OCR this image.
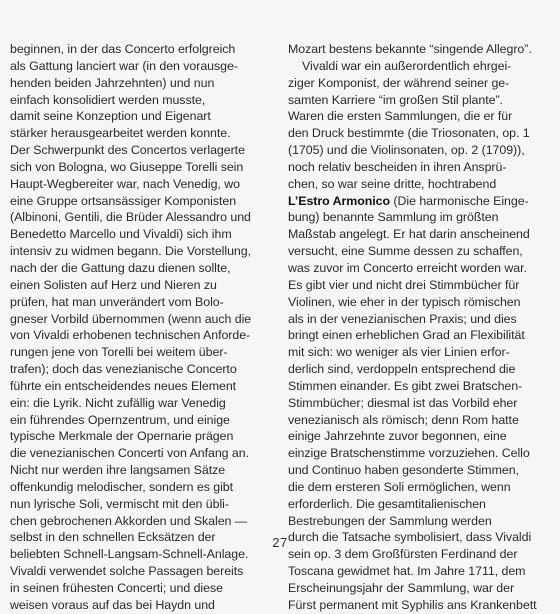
beginnen, in der das Concerto erfolgreich
als Gattung lanciert war (in den vorausge-
henden beiden Jahrzehnten) und nun
einfach konsolidiert werden musste,
damit seine Konzeption und Eigenart
stärker herausgearbeitet werden konnte.
Der Schwerpunkt des Concertos verlagerte
sich von Bologna, wo Giuseppe Torelli sein
Haupt-Wegbereiter war, nach Venedig, wo
eine Gruppe ortsansässiger Komponisten
(Albinoni, Gentili, die Brüder Alessandro und
Benedetto Marcello und Vivaldi) sich ihm
intensiv zu widmen begann. Die Vorstellung,
nach der die Gattung dazu dienen sollte,
einen Solisten auf Herz und Nieren zu
prüfen, hat man unverändert vom Bolo-
gneser Vorbild übernommen (wenn auch die
von Vivaldi erhobenen technischen Anforde-
rungen jene von Torelli bei weitem über-
trafen); doch das venezianische Concerto
führte ein entscheidendes neues Element
ein: die Lyrik. Nicht zufällig war Venedig
ein führendes Opernzentrum, und einige
typische Merkmale der Opernarie prägen
die venezianischen Concerti von Anfang an.
Nicht nur werden ihre langsamen Sätze
offenkundig melodischer, sondern es gibt
nun lyrische Soli, vermischt mit den übli-
chen gebrochenen Akkorden und Skalen —
selbst in den schnellen Ecksätzen der
beliebten Schnell-Langsam-Schnell-Anlage.
Vivaldi verwendet solche Passagen bereits
in seinen frühesten Concerti; und diese
weisen voraus auf das bei Haydn und
Mozart bestens bekannte “singende Allegro”.
Vivaldi war ein außerordentlich ehrgei-
ziger Komponist, der während seiner ge-
samten Karriere “im großen Stil plante”.
Waren die ersten Sammlungen, die er für
den Druck bestimmte (die Triosonaten, op. 1
(1705) und die Violinsonaten, op. 2 (1709)),
noch relativ bescheiden in ihren Ansprü-
chen, so war seine dritte, hochtrabend
L’Estro Armonico (Die harmonische Einge-
bung) benannte Sammlung im größten
Maßstab angelegt. Er hat darin anscheinend
versucht, eine Summe dessen zu schaffen,
was zuvor im Concerto erreicht worden war.
Es gibt vier und nicht drei Stimmbücher für
Violinen, wie eher in der typisch römischen
als in der venezianischen Praxis; und dies
bringt einen erheblichen Grad an Flexibilität
mit sich: wo weniger als vier Linien erfor-
derlich sind, verdoppeln entsprechend die
Stimmen einander. Es gibt zwei Bratschen-
Stimmbücher; diesmal ist das Vorbild eher
venezianisch als römisch; denn Rom hatte
einige Jahrzehnte zuvor begonnen, eine
einzige Bratschenstimme vorzuziehen. Cello
und Continuo haben gesonderte Stimmen,
die dem ersteren Soli ermöglichen, wenn
erforderlich. Die gesamtitalienischen
Bestrebungen der Sammlung werden
durch die Tatsache symbolisiert, dass Vivaldi
sein op. 3 dem Großfürsten Ferdinand der
Toscana gewidmet hat. Im Jahre 1711, dem
Erscheinungsjahr der Sammlung, war der
Fürst permanent mit Syphilis ans Krankenbett
27
